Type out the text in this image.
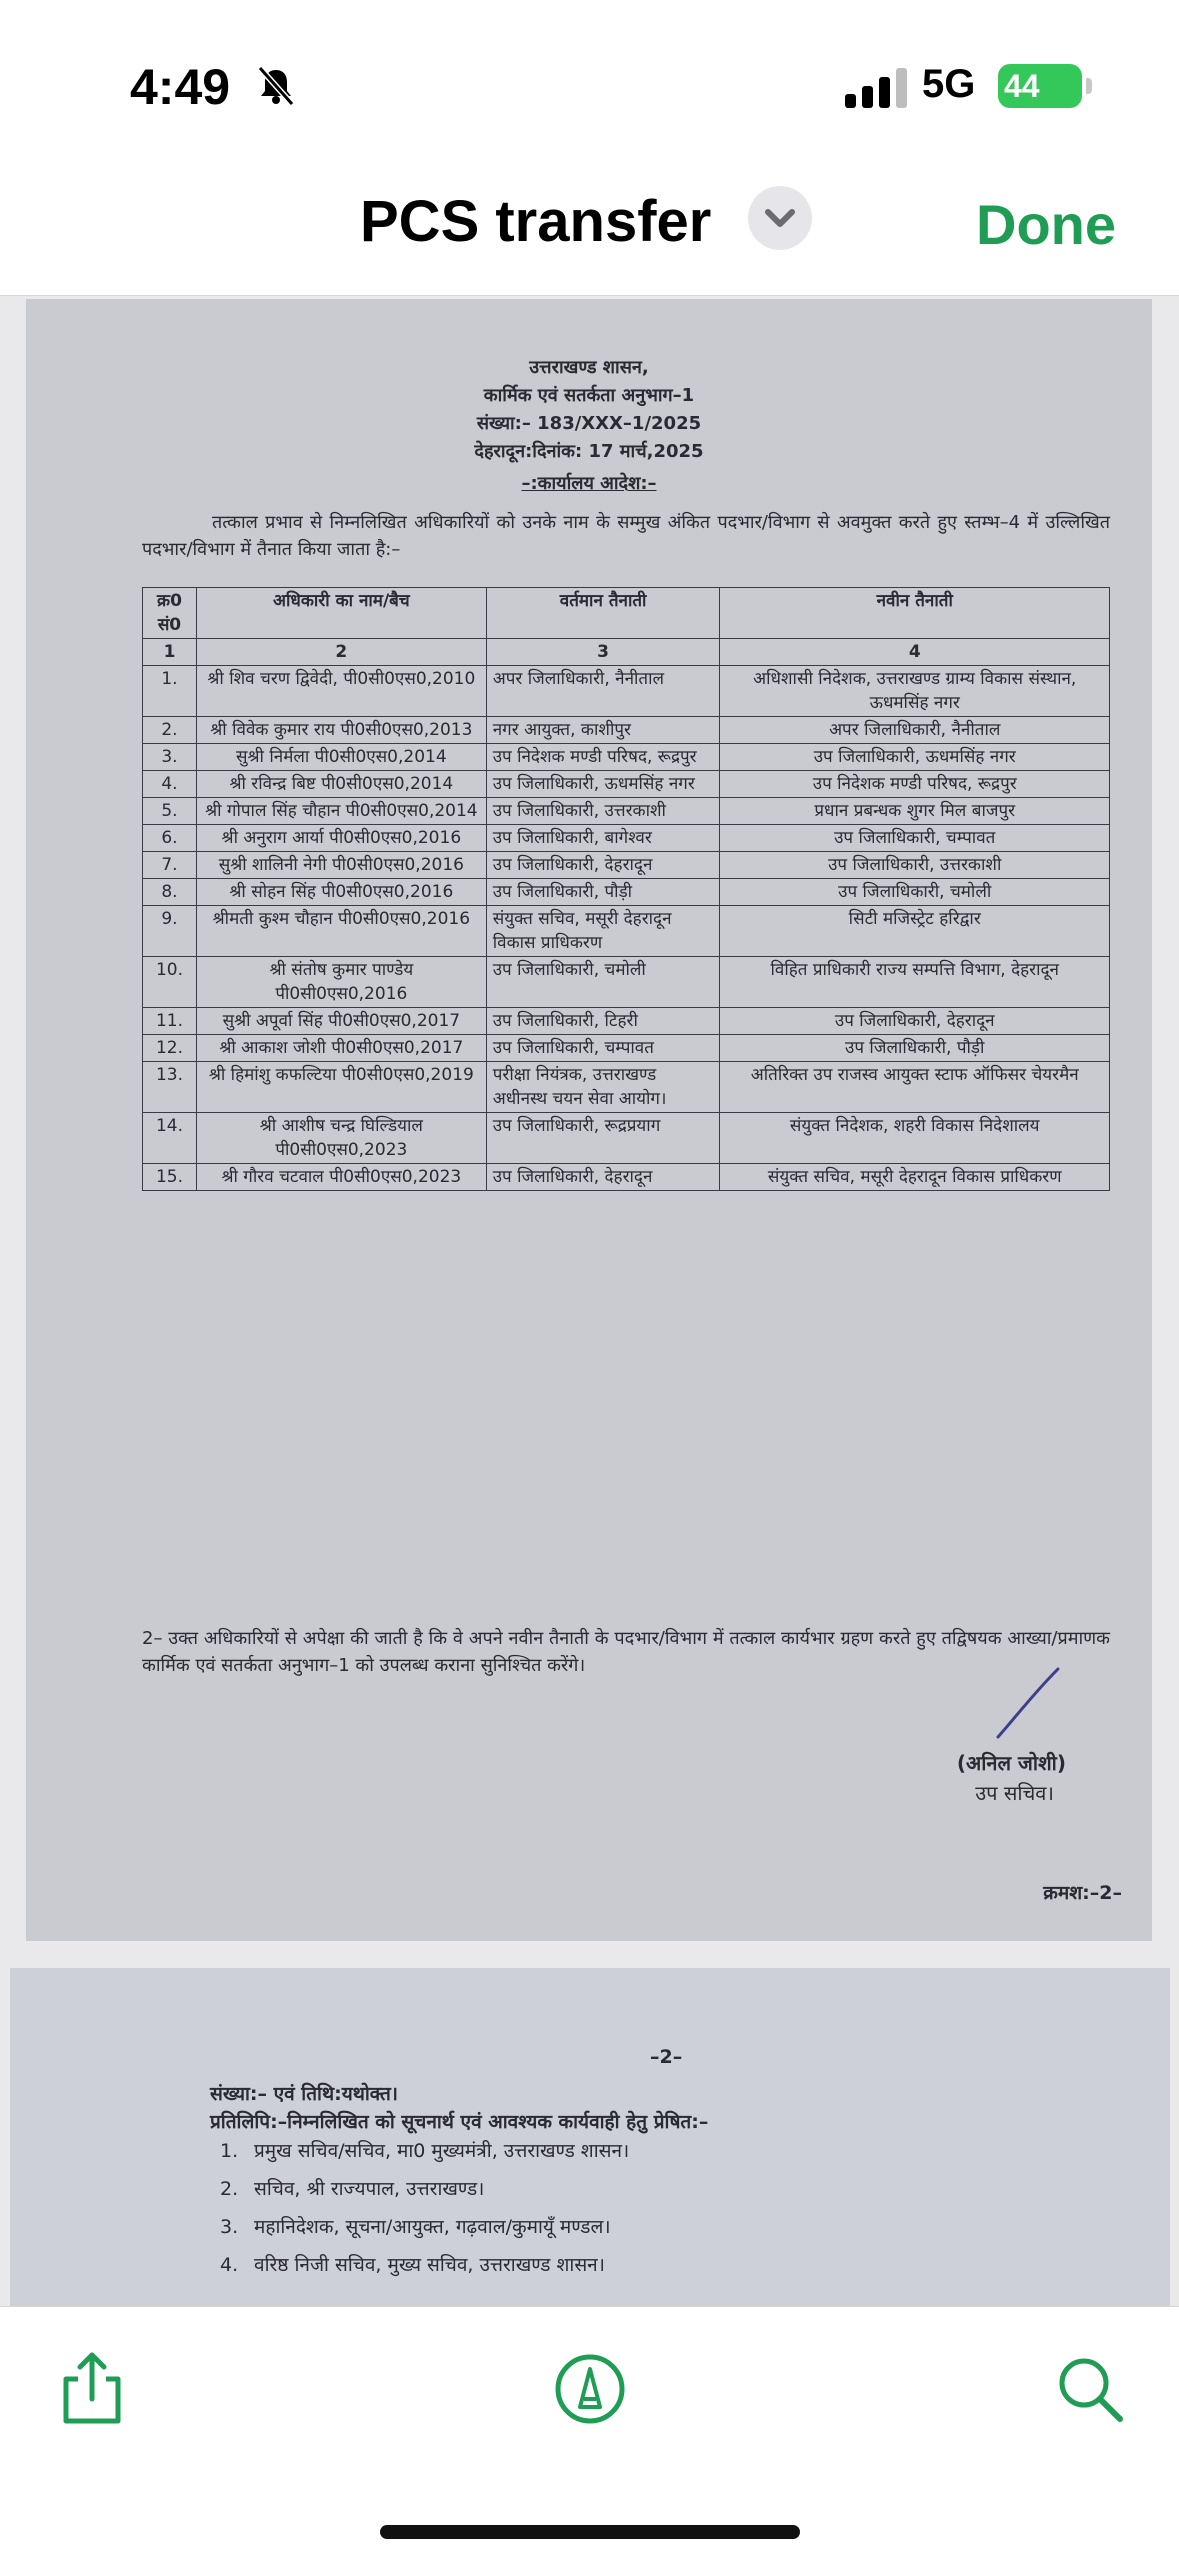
4:49	5G 44
PCS transfer	Done
उत्तराखण्ड शासन,
कार्मिक एवं सतर्कता अनुभाग–1
संख्या:– 183/XXX–1/2025
देहरादून:दिनांक: 17 मार्च,2025
–:कार्यालय आदेश:–
तत्काल प्रभाव से निम्नलिखित अधिकारियों को उनके नाम के सम्मुख अंकित पदभार/विभाग से अवमुक्त करते हुए स्तम्भ–4 में उल्लिखित पदभार/विभाग में तैनात किया जाता है:–
क्र0 सं0	अधिकारी का नाम/बैच	वर्तमान तैनाती	नवीन तैनाती
1	2	3	4
1.	श्री शिव चरण द्विवेदी, पी0सी0एस0,2010	अपर जिलाधिकारी, नैनीताल	अधिशासी निदेशक, उत्तराखण्ड ग्राम्य विकास संस्थान, ऊधमसिंह नगर
2.	श्री विवेक कुमार राय पी0सी0एस0,2013	नगर आयुक्त, काशीपुर	अपर जिलाधिकारी, नैनीताल
3.	सुश्री निर्मला पी0सी0एस0,2014	उप निदेशक मण्डी परिषद, रूद्रपुर	उप जिलाधिकारी, ऊधमसिंह नगर
4.	श्री रविन्द्र बिष्ट पी0सी0एस0,2014	उप जिलाधिकारी, ऊधमसिंह नगर	उप निदेशक मण्डी परिषद, रूद्रपुर
5.	श्री गोपाल सिंह चौहान पी0सी0एस0,2014	उप जिलाधिकारी, उत्तरकाशी	प्रधान प्रबन्धक शुगर मिल बाजपुर
6.	श्री अनुराग आर्या पी0सी0एस0,2016	उप जिलाधिकारी, बागेश्वर	उप जिलाधिकारी, चम्पावत
7.	सुश्री शालिनी नेगी पी0सी0एस0,2016	उप जिलाधिकारी, देहरादून	उप जिलाधिकारी, उत्तरकाशी
8.	श्री सोहन सिंह पी0सी0एस0,2016	उप जिलाधिकारी, पौड़ी	उप जिलाधिकारी, चमोली
9.	श्रीमती कुश्म चौहान पी0सी0एस0,2016	संयुक्त सचिव, मसूरी देहरादून विकास प्राधिकरण	सिटी मजिस्ट्रेट हरिद्वार
10.	श्री संतोष कुमार पाण्डेय पी0सी0एस0,2016	उप जिलाधिकारी, चमोली	विहित प्राधिकारी राज्य सम्पत्ति विभाग, देहरादून
11.	सुश्री अपूर्वा सिंह पी0सी0एस0,2017	उप जिलाधिकारी, टिहरी	उप जिलाधिकारी, देहरादून
12.	श्री आकाश जोशी पी0सी0एस0,2017	उप जिलाधिकारी, चम्पावत	उप जिलाधिकारी, पौड़ी
13.	श्री हिमांशु कफल्टिया पी0सी0एस0,2019	परीक्षा नियंत्रक, उत्तराखण्ड अधीनस्थ चयन सेवा आयोग।	अतिरिक्त उप राजस्व आयुक्त स्टाफ ऑफिसर चेयरमैन
14.	श्री आशीष चन्द्र घिल्डियाल पी0सी0एस0,2023	उप जिलाधिकारी, रूद्रप्रयाग	संयुक्त निदेशक, शहरी विकास निदेशालय
15.	श्री गौरव चटवाल पी0सी0एस0,2023	उप जिलाधिकारी, देहरादून	संयुक्त सचिव, मसूरी देहरादून विकास प्राधिकरण
2– उक्त अधिकारियों से अपेक्षा की जाती है कि वे अपने नवीन तैनाती के पदभार/विभाग में तत्काल कार्यभार ग्रहण करते हुए तद्विषयक आख्या/प्रमाणक कार्मिक एवं सतर्कता अनुभाग–1 को उपलब्ध कराना सुनिश्चित करेंगे।
(अनिल जोशी)
उप सचिव।
क्रमश:–2–
–2–
संख्या:– एवं तिथि:यथोक्त।
प्रतिलिपि:–निम्नलिखित को सूचनार्थ एवं आवश्यक कार्यवाही हेतु प्रेषित:–
1. प्रमुख सचिव/सचिव, मा0 मुख्यमंत्री, उत्तराखण्ड शासन।
2. सचिव, श्री राज्यपाल, उत्तराखण्ड।
3. महानिदेशक, सूचना/आयुक्त, गढ़वाल/कुमायूँ मण्डल।
4. वरिष्ठ निजी सचिव, मुख्य सचिव, उत्तराखण्ड शासन।
